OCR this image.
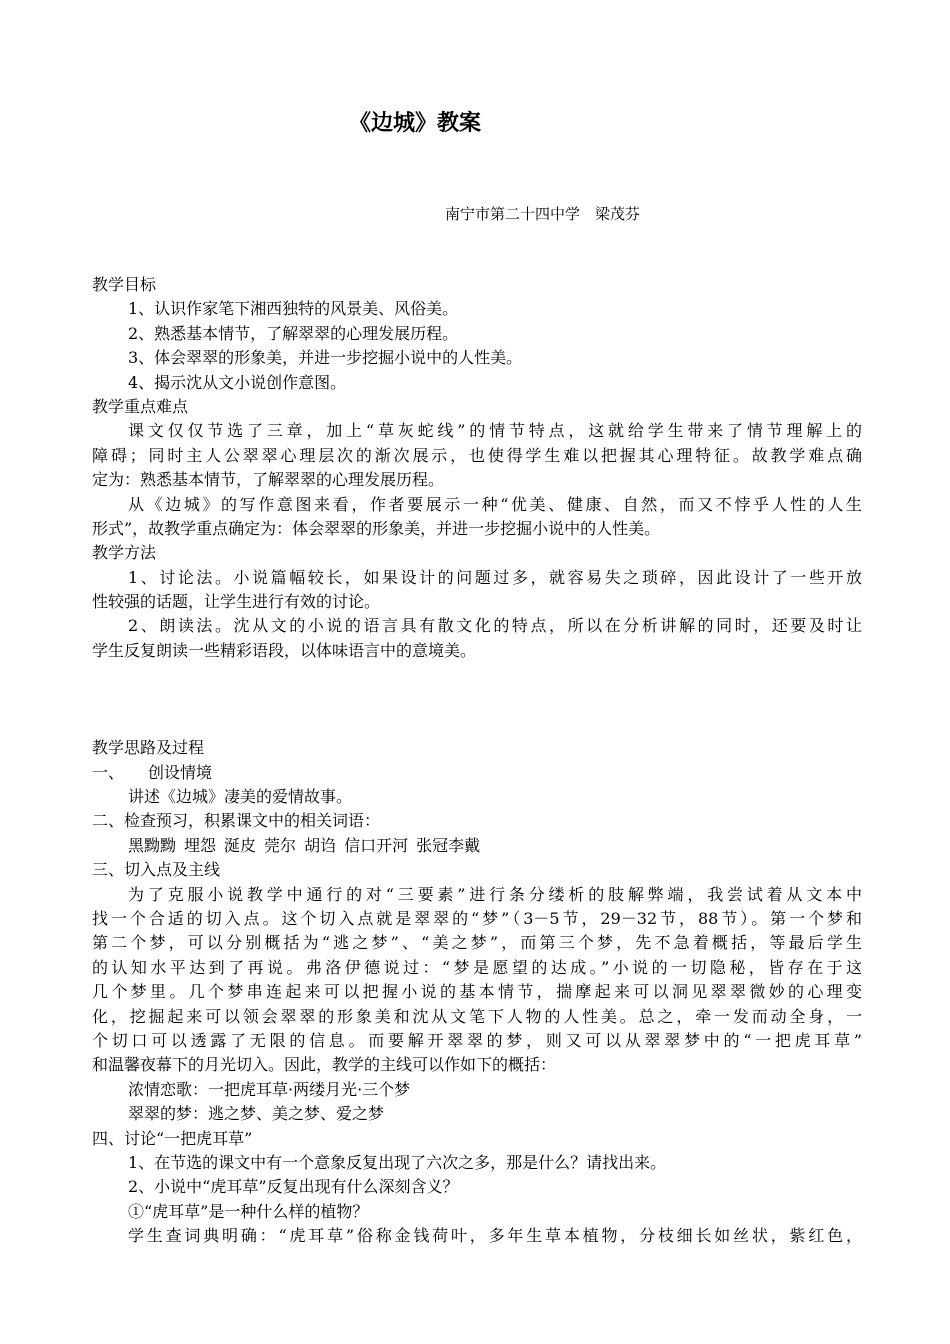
《边城》教案
南宁市第二十四中学　梁茂芬
教学目标
1、认识作家笔下湘西独特的风景美、风俗美。
2、熟悉基本情节，了解翠翠的心理发展历程。
3、体会翠翠的形象美，并进一步挖掘小说中的人性美。
4、揭示沈从文小说创作意图。
教学重点难点
课文仅仅节选了三章，加上“草灰蛇线”的情节特点，这就给学生带来了情节理解上的
障碍；同时主人公翠翠心理层次的渐次展示，也使得学生难以把握其心理特征。故教学难点确
定为：熟悉基本情节，了解翠翠的心理发展历程。
从《边城》的写作意图来看，作者要展示一种“优美、健康、自然，而又不悖乎人性的人生
形式”，故教学重点确定为：体会翠翠的形象美，并进一步挖掘小说中的人性美。
教学方法
1、讨论法。小说篇幅较长，如果设计的问题过多，就容易失之琐碎，因此设计了一些开放
性较强的话题，让学生进行有效的讨论。
2、朗读法。沈从文的小说的语言具有散文化的特点，所以在分析讲解的同时，还要及时让
学生反复朗读一些精彩语段，以体味语言中的意境美。
教学思路及过程
一、　　创设情境
讲述《边城》凄美的爱情故事。
二、检查预习，积累课文中的相关词语：
黑黝黝 埋怨 涎皮 莞尔 胡诌 信口开河 张冠李戴
三、切入点及主线
为了克服小说教学中通行的对“三要素”进行条分缕析的肢解弊端，我尝试着从文本中
找一个合适的切入点。这个切入点就是翠翠的“梦”（3－5节，29－32节，88节）。第一个梦和
第二个梦，可以分别概括为“逃之梦”、“美之梦”，而第三个梦，先不急着概括，等最后学生
的认知水平达到了再说。弗洛伊德说过：“梦是愿望的达成。”小说的一切隐秘，皆存在于这
几个梦里。几个梦串连起来可以把握小说的基本情节，揣摩起来可以洞见翠翠微妙的心理变
化，挖掘起来可以领会翠翠的形象美和沈从文笔下人物的人性美。总之，牵一发而动全身，一
个切口可以透露了无限的信息。而要解开翠翠的梦，则又可以从翠翠梦中的“一把虎耳草”
和温馨夜幕下的月光切入。因此，教学的主线可以作如下的概括：
浓情恋歌：一把虎耳草·两缕月光·三个梦
翠翠的梦：逃之梦、美之梦、爱之梦
四、讨论“一把虎耳草”
1、在节选的课文中有一个意象反复出现了六次之多，那是什么？请找出来。
2、小说中“虎耳草”反复出现有什么深刻含义？
①“虎耳草”是一种什么样的植物？
学生查词典明确：“虎耳草”俗称金钱荷叶，多年生草本植物，分枝细长如丝状，紫红色，
